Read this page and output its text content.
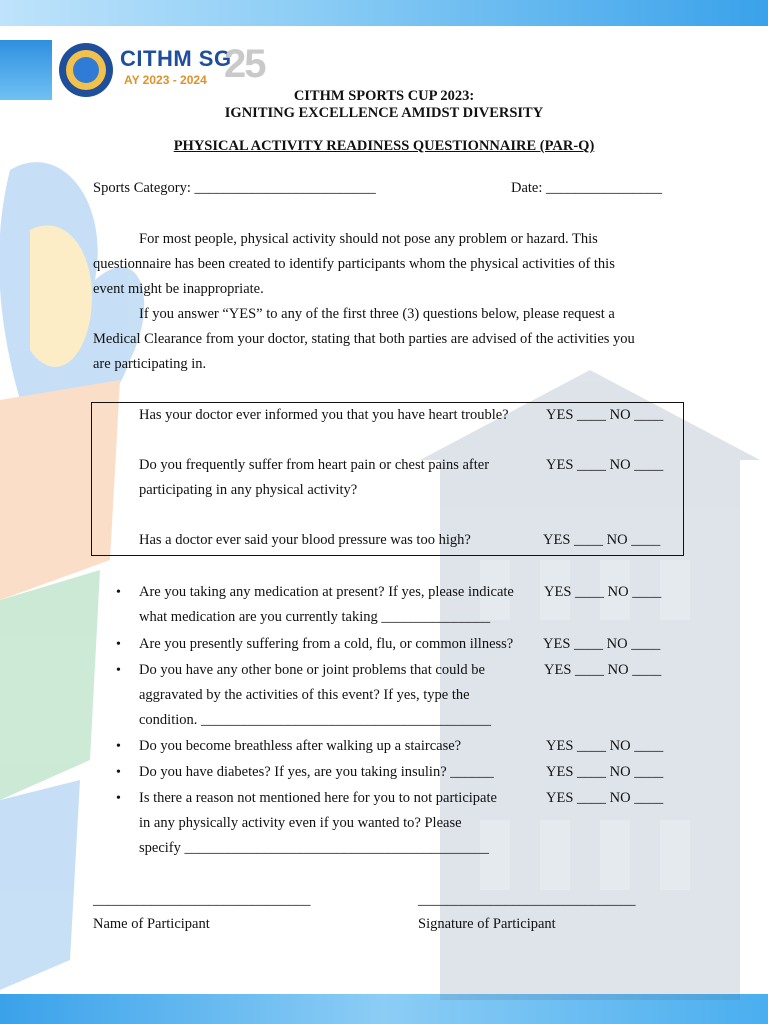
CITHM SG
AY 2023 - 2024 25
CITHM SPORTS CUP 2023:
IGNITING EXCELLENCE AMIDST DIVERSITY
PHYSICAL ACTIVITY READINESS QUESTIONNAIRE (PAR-Q)
Sports Category: _________________________	Date: ________________
For most people, physical activity should not pose any problem or hazard. This
questionnaire has been created to identify participants whom the physical activities of this
event might be inappropriate.
If you answer “YES” to any of the first three (3) questions below, please request a
Medical Clearance from your doctor, stating that both parties are advised of the activities you
are participating in.
Has your doctor ever informed you that you have heart trouble?	YES ____ NO ____
Do you frequently suffer from heart pain or chest pains after
participating in any physical activity?
YES ____ NO ____
Has a doctor ever said your blood pressure was too high?	YES ____ NO ____
• Are you taking any medication at present? If yes, please indicate
what medication are you currently taking _______________
YES ____ NO ____
• Are you presently suffering from a cold, flu, or common illness? YES ____ NO ____
• Do you have any other bone or joint problems that could be
aggravated by the activities of this event? If yes, type the
condition. ________________________________________
YES ____ NO ____
• Do you become breathless after walking up a staircase?	YES ____ NO ____
• Do you have diabetes? If yes, are you taking insulin? ______	YES ____ NO ____
• Is there a reason not mentioned here for you to not participate
in any physically activity even if you wanted to? Please
specify __________________________________________
YES ____ NO ____
______________________________
Name of Participant
______________________________
Signature of Participant
